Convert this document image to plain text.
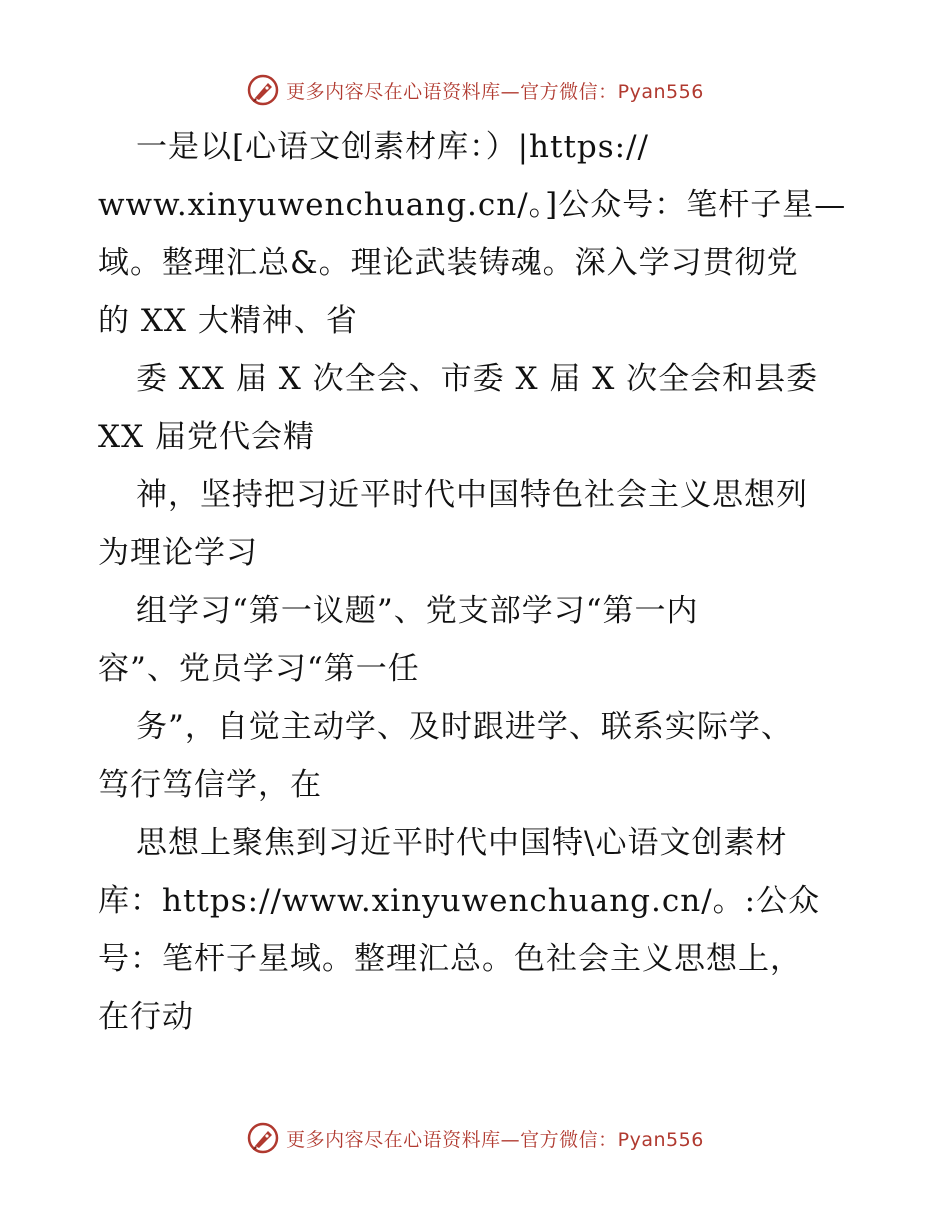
更多内容尽在心语资料库—官方微信：Pyan556
一是以[心语文创素材库：）|https://
www.xinyuwenchuang.cn/。]公众号：笔杆子星—
域。整理汇总&。理论武装铸魂。深入学习贯彻党
的 XX 大精神、省
委 XX 届 X 次全会、市委 X 届 X 次全会和县委
XX 届党代会精
神，坚持把习近平时代中国特色社会主义思想列
为理论学习
组学习“第一议题”、党支部学习“第一内
容”、党员学习“第一任
务”，自觉主动学、及时跟进学、联系实际学、
笃行笃信学，在
思想上聚焦到习近平时代中国特\心语文创素材
库：https://www.xinyuwenchuang.cn/。:公众
号：笔杆子星域。整理汇总。色社会主义思想上，
在行动
更多内容尽在心语资料库—官方微信：Pyan556
